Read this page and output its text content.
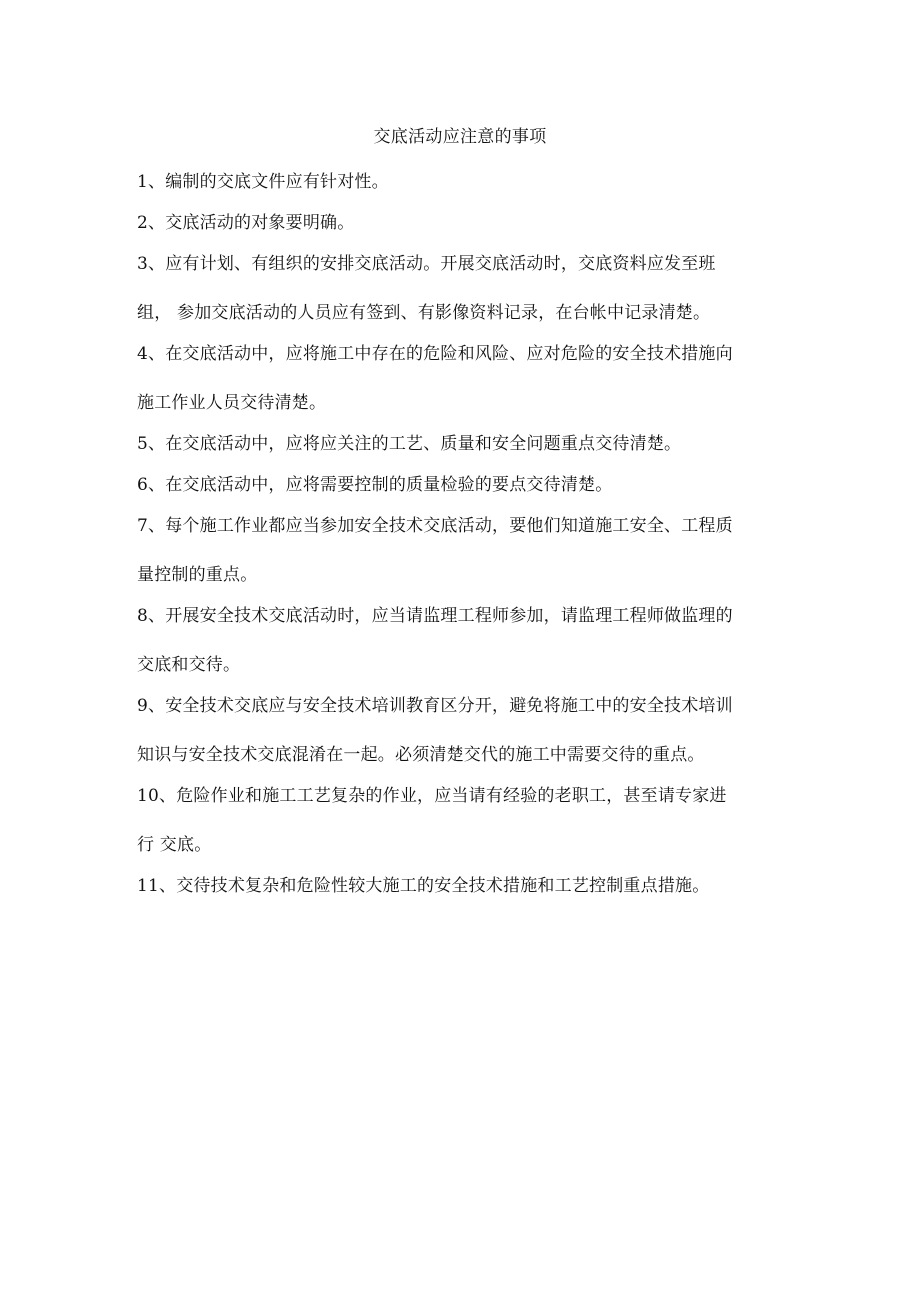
交底活动应注意的事项
1、编制的交底文件应有针对性。
2、交底活动的对象要明确。
3、应有计划、有组织的安排交底活动。开展交底活动时，交底资料应发至班
组， 参加交底活动的人员应有签到、有影像资料记录，在台帐中记录清楚。
4、在交底活动中，应将施工中存在的危险和风险、应对危险的安全技术措施向
施工作业人员交待清楚。
5、在交底活动中，应将应关注的工艺、质量和安全问题重点交待清楚。
6、在交底活动中，应将需要控制的质量检验的要点交待清楚。
7、每个施工作业都应当参加安全技术交底活动，要他们知道施工安全、工程质
量控制的重点。
8、开展安全技术交底活动时，应当请监理工程师参加，请监理工程师做监理的
交底和交待。
9、安全技术交底应与安全技术培训教育区分开，避免将施工中的安全技术培训
知识与安全技术交底混淆在一起。必须清楚交代的施工中需要交待的重点。
10、危险作业和施工工艺复杂的作业，应当请有经验的老职工，甚至请专家进
行 交底。
11、交待技术复杂和危险性较大施工的安全技术措施和工艺控制重点措施。
